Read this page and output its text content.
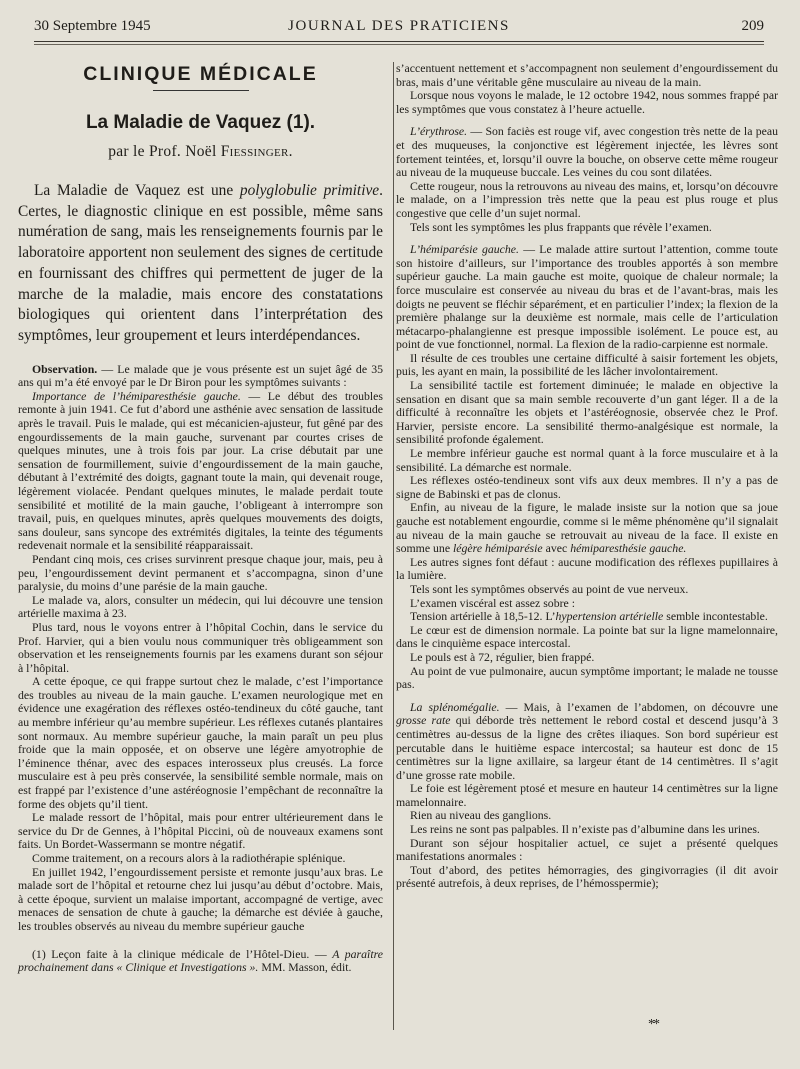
30 Septembre 1945	JOURNAL DES PRATICIENS	209
CLINIQUE MÉDICALE
La Maladie de Vaquez (1).
par le Prof. Noël Fiessinger.

La Maladie de Vaquez est une polyglobulie primitive. Certes, le diagnostic clinique en est possible, même sans numération de sang, mais les renseignements fournis par le laboratoire apportent non seulement des signes de certitude en fournissant des chiffres qui permettent de juger de la marche de la maladie, mais encore des constatations biologiques qui orientent dans l’interprétation des symptômes, leur groupement et leurs interdépendances.

Observation. — Le malade que je vous présente est un sujet âgé de 35 ans qui m’a été envoyé par le Dr Biron pour les symptômes suivants :

Importance de l’hémiparesthésie gauche. — Le début des troubles remonte à juin 1941. Ce fut d’abord une asthénie avec sensation de lassitude après le travail. Puis le malade, qui est mécanicien-ajusteur, fut gêné par des engourdissements de la main gauche, survenant par courtes crises de quelques minutes, une à trois fois par jour. La crise débutait par une sensation de fourmillement, suivie d’engourdissement de la main gauche, débutant à l’extrémité des doigts, gagnant toute la main, qui devenait rouge, légèrement violacée. Pendant quelques minutes, le malade perdait toute sensibilité et motilité de la main gauche, l’obligeant à interrompre son travail, puis, en quelques minutes, après quelques mouvements des doigts, sans douleur, sans syncope des extrémités digitales, la teinte des téguments redevenait normale et la sensibilité réapparaissait.

Pendant cinq mois, ces crises survinrent presque chaque jour, mais, peu à peu, l’engourdissement devint permanent et s’accompagna, sinon d’une paralysie, du moins d’une parésie de la main gauche.

Le malade va, alors, consulter un médecin, qui lui découvre une tension artérielle maxima à 23.

Plus tard, nous le voyons entrer à l’hôpital Cochin, dans le service du Prof. Harvier, qui a bien voulu nous communiquer très obligeamment son observation et les renseignements fournis par les examens durant son séjour à l’hôpital.

A cette époque, ce qui frappe surtout chez le malade, c’est l’importance des troubles au niveau de la main gauche. L’examen neurologique met en évidence une exagération des réflexes ostéo-tendineux du côté gauche, tant au membre inférieur qu’au membre supérieur. Les réflexes cutanés plantaires sont normaux. Au membre supérieur gauche, la main paraît un peu plus froide que la main opposée, et on observe une légère amyotrophie de l’éminence thénar, avec des espaces interosseux plus creusés. La force musculaire est à peu près conservée, la sensibilité semble normale, mais on est frappé par l’existence d’une astéréognosie l’empêchant de reconnaître la forme des objets qu’il tient.

Le malade ressort de l’hôpital, mais pour entrer ultérieurement dans le service du Dr de Gennes, à l’hôpital Piccini, où de nouveaux examens sont faits. Un Bordet-Wassermann se montre négatif.

Comme traitement, on a recours alors à la radiothérapie splénique.

En juillet 1942, l’engourdissement persiste et remonte jusqu’aux bras. Le malade sort de l’hôpital et retourne chez lui jusqu’au début d’octobre. Mais, à cette époque, survient un malaise important, accompagné de vertige, avec menaces de sensation de chute à gauche; la démarche est déviée à gauche, les troubles observés au niveau du membre supérieur gauche

(1) Leçon faite à la clinique médicale de l’Hôtel-Dieu. — A paraître prochainement dans « Clinique et Investigations ». MM. Masson, édit.

s’accentuent nettement et s’accompagnent non seulement d’engourdissement du bras, mais d’une véritable gêne musculaire au niveau de la main.

Lorsque nous voyons le malade, le 12 octobre 1942, nous sommes frappé par les symptômes que vous constatez à l’heure actuelle.

L’érythrose. — Son faciès est rouge vif, avec congestion très nette de la peau et des muqueuses, la conjonctive est légèrement injectée, les lèvres sont fortement teintées, et, lorsqu’il ouvre la bouche, on observe cette même rougeur au niveau de la muqueuse buccale. Les veines du cou sont dilatées.

Cette rougeur, nous la retrouvons au niveau des mains, et, lorsqu’on découvre le malade, on a l’impression très nette que la peau est plus rouge et plus congestive que celle d’un sujet normal.

Tels sont les symptômes les plus frappants que révèle l’examen.

L’hémiparésie gauche. — Le malade attire surtout l’attention, comme toute son histoire d’ailleurs, sur l’importance des troubles apportés à son membre supérieur gauche. La main gauche est moite, quoique de chaleur normale; la force musculaire est conservée au niveau du bras et de l’avant-bras, mais les doigts ne peuvent se fléchir séparément, et en particulier l’index; la flexion de la première phalange sur la deuxième est normale, mais celle de l’articulation métacarpo-phalangienne est presque impossible isolément. Le pouce est, au point de vue fonctionnel, normal. La flexion de la radio-carpienne est normale.

Il résulte de ces troubles une certaine difficulté à saisir fortement les objets, puis, les ayant en main, la possibilité de les lâcher involontairement.

La sensibilité tactile est fortement diminuée; le malade en objective la sensation en disant que sa main semble recouverte d’un gant léger. Il a de la difficulté à reconnaître les objets et l’astéréognosie, observée chez le Prof. Harvier, persiste encore. La sensibilité thermo-analgésique est normale, la sensibilité profonde également.

Le membre inférieur gauche est normal quant à la force musculaire et à la sensibilité. La démarche est normale.

Les réflexes ostéo-tendineux sont vifs aux deux membres. Il n’y a pas de signe de Babinski et pas de clonus.

Enfin, au niveau de la figure, le malade insiste sur la notion que sa joue gauche est notablement engourdie, comme si le même phénomène qu’il signalait au niveau de la main gauche se retrouvait au niveau de la face. Il existe en somme une légère hémiparésie avec hémiparesthésie gauche.

Les autres signes font défaut : aucune modification des réflexes pupillaires à la lumière.

Tels sont les symptômes observés au point de vue nerveux.

L’examen viscéral est assez sobre :

Tension artérielle à 18,5-12. L’hypertension artérielle semble incontestable.

Le cœur est de dimension normale. La pointe bat sur la ligne mamelonnaire, dans le cinquième espace intercostal.

Le pouls est à 72, régulier, bien frappé.

Au point de vue pulmonaire, aucun symptôme important; le malade ne tousse pas.

La splénomégalie. — Mais, à l’examen de l’abdomen, on découvre une grosse rate qui déborde très nettement le rebord costal et descend jusqu’à 3 centimètres au-dessus de la ligne des crêtes iliaques. Son bord supérieur est percutable dans le huitième espace intercostal; sa hauteur est donc de 15 centimètres sur la ligne axillaire, sa largeur étant de 14 centimètres. Il s’agit d’une grosse rate mobile.

Le foie est légèrement ptosé et mesure en hauteur 14 centimètres sur la ligne mamelonnaire.

Rien au niveau des ganglions.

Les reins ne sont pas palpables. Il n’existe pas d’albumine dans les urines.

Durant son séjour hospitalier actuel, ce sujet a présenté quelques manifestations anormales :

Tout d’abord, des petites hémorragies, des gingivorragies (il dit avoir présenté autrefois, à deux reprises, de l’hémosspermie);

**
